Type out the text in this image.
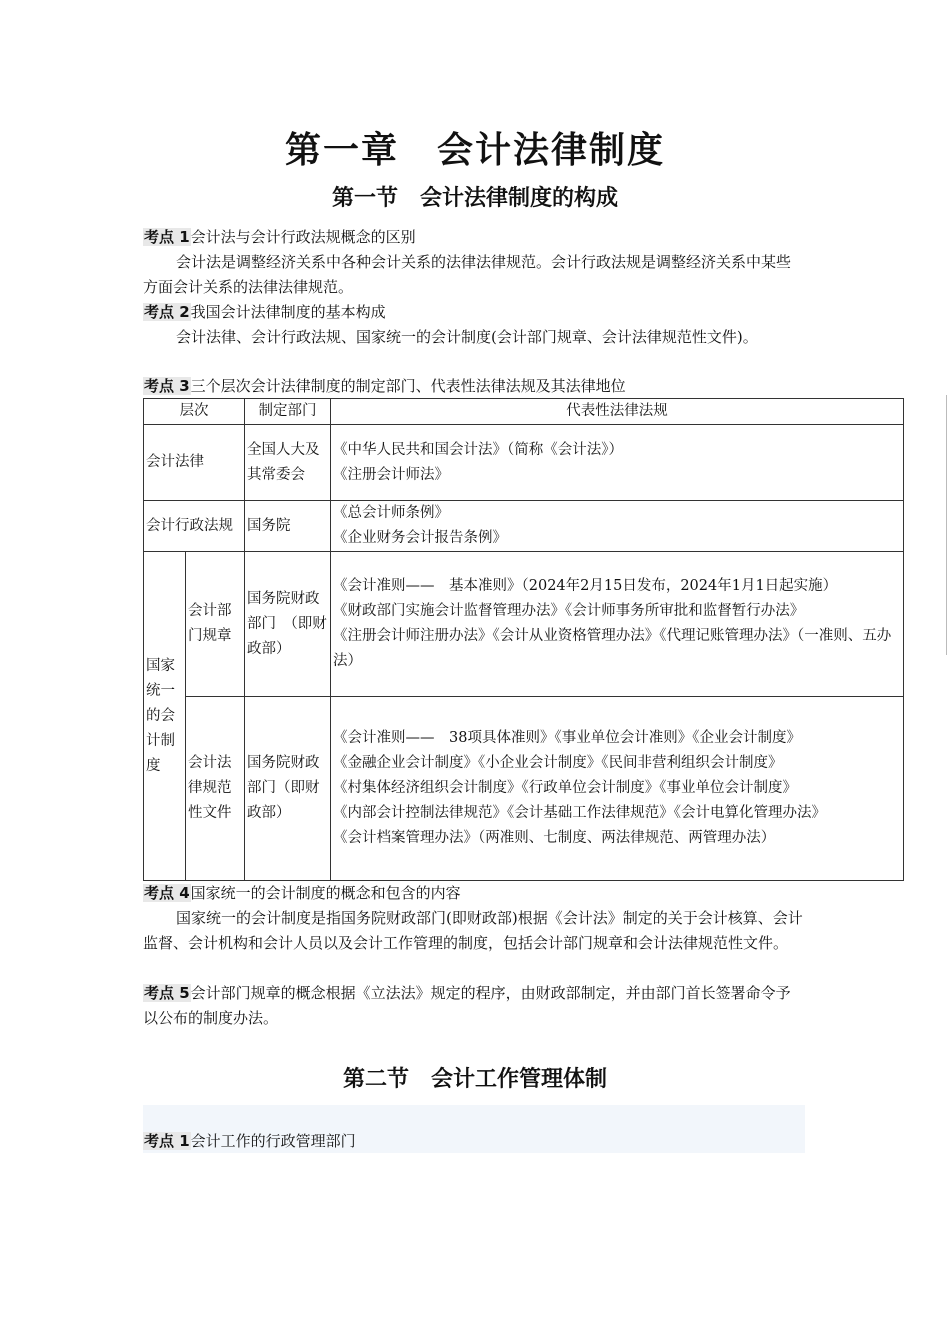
第一章　会计法律制度
第一节　会计法律制度的构成
考点 1会计法与会计行政法规概念的区别
会计法是调整经济关系中各种会计关系的法律法律规范。会计行政法规是调整经济关系中某些方面会计关系的法律法律规范。
考点 2我国会计法律制度的基本构成
会计法律、会计行政法规、国家统一的会计制度(会计部门规章、会计法律规范性文件)。
考点 3三个层次会计法律制度的制定部门、代表性法律法规及其法律地位
层次		制定部门	代表性法律法规
会计法律		全国人大及其常委会	《中华人民共和国会计法》（简称《会计法》）
《注册会计师法》

会计行政法规		国务院	《总会计师条例》
《企业财务会计报告条例》

国家统一的会计制度	会计部门规章	国务院财政部门　（即财政部）	《会计准则——　基本准则》（2024年2月15日发布，2024年1月1日起实施）
《财政部门实施会计监督管理办法》《会计师事务所审批和监督暂行办法》
《注册会计师注册办法》《会计从业资格管理办法》《代理记账管理办法》（一准则、五办法）

	会计法律规范性文件	国务院财政部门（即财政部）	《会计准则——　38项具体准则》《事业单位会计准则》《企业会计制度》
《金融企业会计制度》《小企业会计制度》《民间非营利组织会计制度》
《村集体经济组织会计制度》《行政单位会计制度》《事业单位会计制度》
《内部会计控制法律规范》《会计基础工作法律规范》《会计电算化管理办法》
《会计档案管理办法》（两准则、七制度、两法律规范、两管理办法）
考点 4国家统一的会计制度的概念和包含的内容
国家统一的会计制度是指国务院财政部门(即财政部)根据《会计法》制定的关于会计核算、会计监督、会计机构和会计人员以及会计工作管理的制度，包括会计部门规章和会计法律规范性文件。
考点 5会计部门规章的概念根据《立法法》规定的程序，由财政部制定，并由部门首长签署命令予以公布的制度办法。
第二节　会计工作管理体制
考点 1会计工作的行政管理部门
